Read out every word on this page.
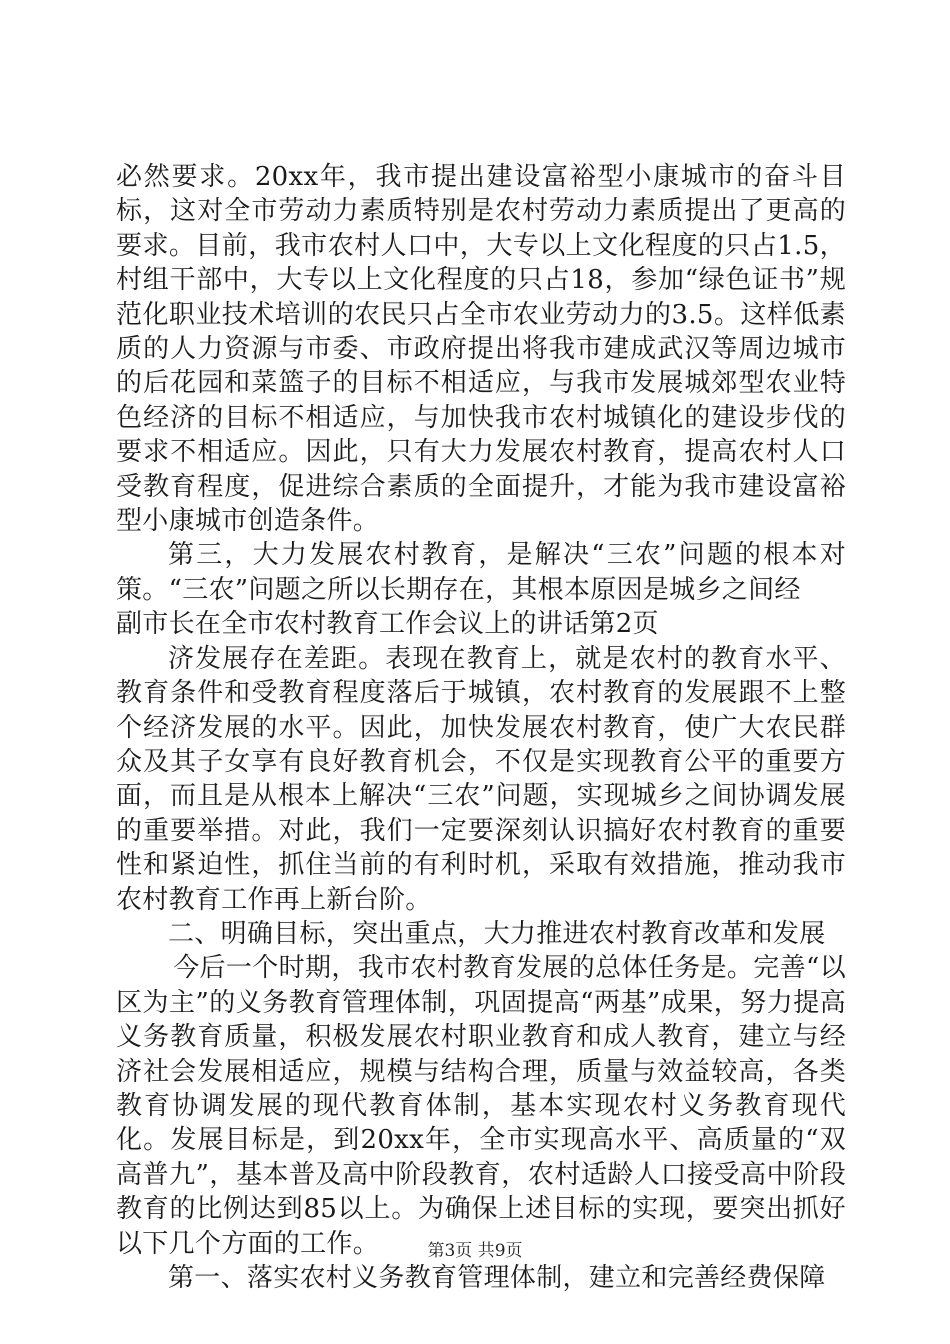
必然要求。20xx年，我市提出建设富裕型小康城市的奋斗目标，这对全市劳动力素质特别是农村劳动力素质提出了更高的要求。目前，我市农村人口中，大专以上文化程度的只占1.5，村组干部中，大专以上文化程度的只占18，参加“绿色证书”规范化职业技术培训的农民只占全市农业劳动力的3.5。这样低素质的人力资源与市委、市政府提出将我市建成武汉等周边城市的后花园和菜篮子的目标不相适应，与我市发展城郊型农业特色经济的目标不相适应，与加快我市农村城镇化的建设步伐的要求不相适应。因此，只有大力发展农村教育，提高农村人口受教育程度，促进综合素质的全面提升，才能为我市建设富裕型小康城市创造条件。

第三，大力发展农村教育，是解决“三农”问题的根本对策。“三农”问题之所以长期存在，其根本原因是城乡之间经

副市长在全市农村教育工作会议上的讲话第2页

济发展存在差距。表现在教育上，就是农村的教育水平、教育条件和受教育程度落后于城镇，农村教育的发展跟不上整个经济发展的水平。因此，加快发展农村教育，使广大农民群众及其子女享有良好教育机会，不仅是实现教育公平的重要方面，而且是从根本上解决“三农”问题，实现城乡之间协调发展的重要举措。对此，我们一定要深刻认识搞好农村教育的重要性和紧迫性，抓住当前的有利时机，采取有效措施，推动我市农村教育工作再上新台阶。

二、明确目标，突出重点，大力推进农村教育改革和发展

今后一个时期，我市农村教育发展的总体任务是。完善“以区为主”的义务教育管理体制，巩固提高“两基”成果，努力提高义务教育质量，积极发展农村职业教育和成人教育，建立与经济社会发展相适应，规模与结构合理，质量与效益较高，各类教育协调发展的现代教育体制，基本实现农村义务教育现代化。发展目标是，到20xx年，全市实现高水平、高质量的“双高普九”，基本普及高中阶段教育，农村适龄人口接受高中阶段教育的比例达到85以上。为确保上述目标的实现，要突出抓好以下几个方面的工作。

第一、落实农村义务教育管理体制，建立和完善经费保障

第3页 共9页
